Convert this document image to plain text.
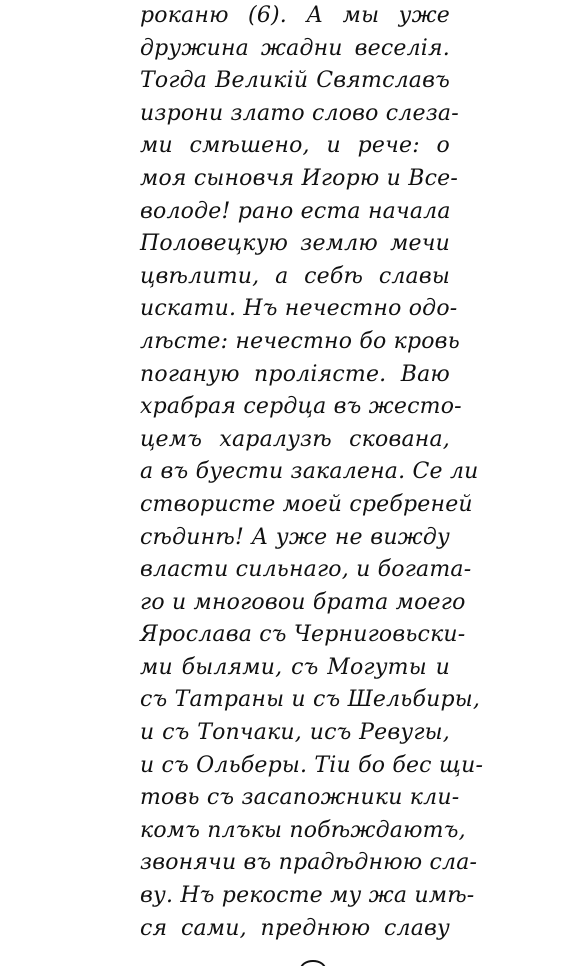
роканю (6). А мы уже
дружина жадни веселія.
Тогда Великій Святславъ
изрони злато слово слеза-
ми смѣшено, и рече: о
моя сыновчя Игорю и Все-
володе! рано еста начала
Половецкую землю мечи
цвѣлити, а себѣ славы
искати. Нъ нечестно одо-
лѣсте: нечестно бо кровь
поганую проліясте. Ваю
храбрая сердца въ жесто-
цемъ харалузѣ скована,
а въ буести закалена. Се ли
створисте моей сребреней
сѣдинѣ! А уже не вижду
власти сильнаго, и богата-
го и многовои брата моего
Ярослава съ Черниговьски-
ми былями, съ Могуты и
съ Татраны и съ Шельбиры,
и съ Топчаки, исъ Ревугы,
и съ Ольберы. Тіи бо бес щи-
товь съ засапожники кли-
комъ плъкы побѣждаютъ,
звонячи въ прадѣднюю сла-
ву. Нъ рекосте му жа имѣ-
ся сами, преднюю славу
